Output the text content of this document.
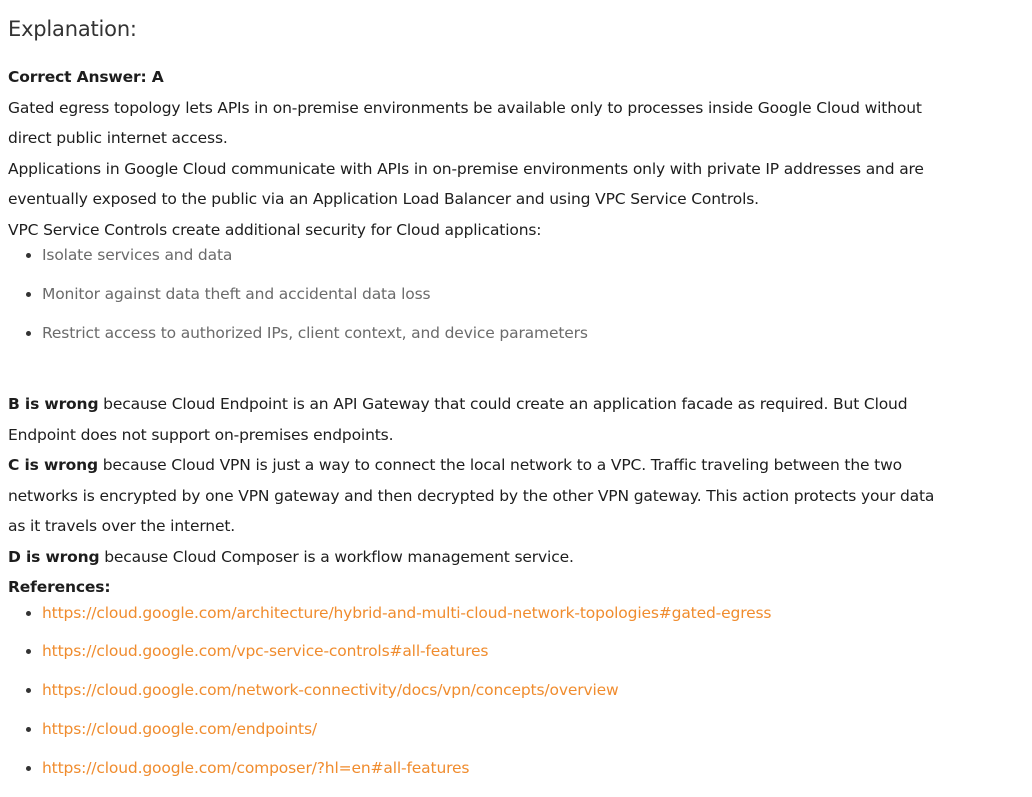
Explanation:

Correct Answer: A

Gated egress topology lets APIs in on-premise environments be available only to processes inside Google Cloud without direct public internet access.

Applications in Google Cloud communicate with APIs in on-premise environments only with private IP addresses and are eventually exposed to the public via an Application Load Balancer and using VPC Service Controls.

VPC Service Controls create additional security for Cloud applications:

• Isolate services and data
• Monitor against data theft and accidental data loss
• Restrict access to authorized IPs, client context, and device parameters

B is wrong because Cloud Endpoint is an API Gateway that could create an application facade as required. But Cloud Endpoint does not support on-premises endpoints.

C is wrong because Cloud VPN is just a way to connect the local network to a VPC. Traffic traveling between the two networks is encrypted by one VPN gateway and then decrypted by the other VPN gateway. This action protects your data as it travels over the internet.

D is wrong because Cloud Composer is a workflow management service.

References:

• https://cloud.google.com/architecture/hybrid-and-multi-cloud-network-topologies#gated-egress
• https://cloud.google.com/vpc-service-controls#all-features
• https://cloud.google.com/network-connectivity/docs/vpn/concepts/overview
• https://cloud.google.com/endpoints/
• https://cloud.google.com/composer/?hl=en#all-features
